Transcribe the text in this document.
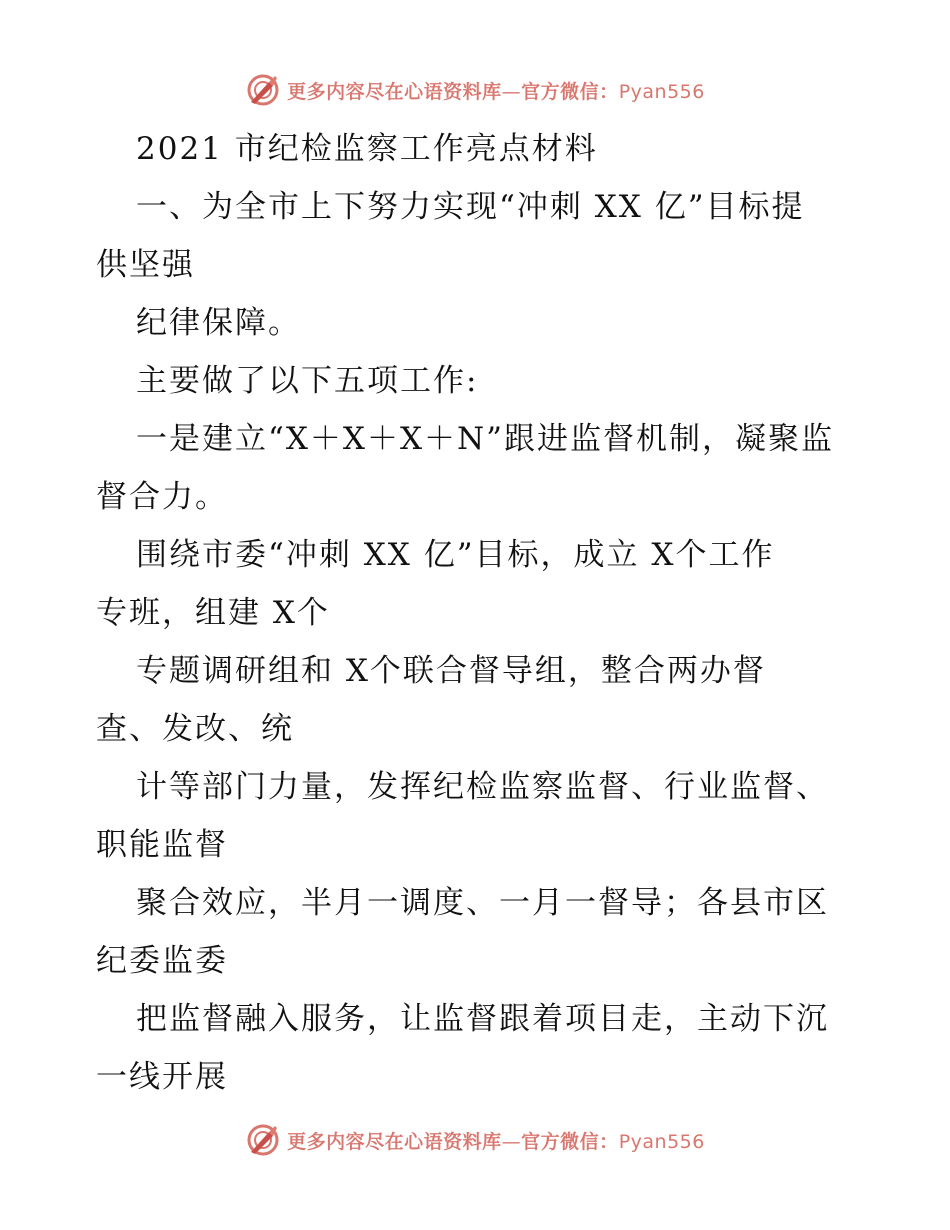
更多内容尽在心语资料库—官方微信：Pyan556
2021 市纪检监察工作亮点材料
一、为全市上下努力实现“冲刺 XX 亿”目标提
供坚强
纪律保障。
主要做了以下五项工作:
一是建立“X＋X＋X＋N”跟进监督机制，凝聚监
督合力。
围绕市委“冲刺 XX 亿”目标，成立 X个工作
专班，组建 X个
专题调研组和 X个联合督导组，整合两办督
查、发改、统
计等部门力量，发挥纪检监察监督、行业监督、
职能监督
聚合效应，半月一调度、一月一督导；各县市区
纪委监委
把监督融入服务，让监督跟着项目走，主动下沉
一线开展
更多内容尽在心语资料库—官方微信：Pyan556
